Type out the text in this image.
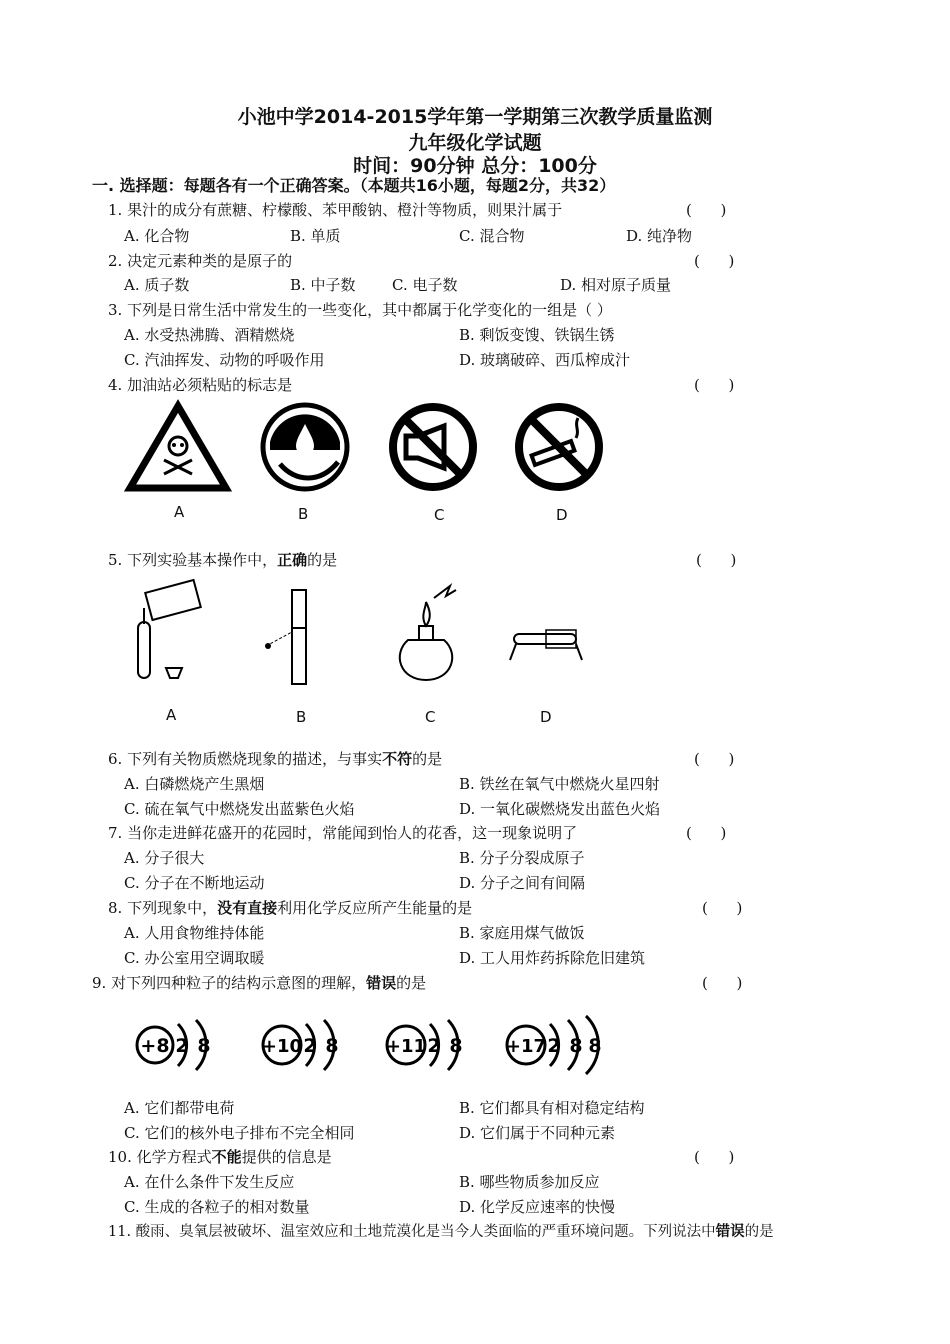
小池中学2014-2015学年第一学期第三次教学质量监测
九年级化学试题
时间：90分钟 总分：100分
一. 选择题：每题各有一个正确答案。（本题共16小题，每题2分，共32）
1. 果汁的成分有蔗糖、柠檬酸、苯甲酸钠、橙汁等物质，则果汁属于	(      )
A. 化合物	B. 单质	C. 混合物	D. 纯净物
2. 决定元素种类的是原子的	(      )
A. 质子数	B. 中子数 C. 电子数	D. 相对原子质量
3. 下列是日常生活中常发生的一些变化，其中都属于化学变化的一组是（ ）
A. 水受热沸腾、酒精燃烧	B. 剩饭变馊、铁锅生锈
C. 汽油挥发、动物的呼吸作用	D. 玻璃破碎、西瓜榨成汁
4. 加油站必须粘贴的标志是	(      )
A	B	C	D
5. 下列实验基本操作中，正确的是	(      )
A	B	C	D
6. 下列有关物质燃烧现象的描述，与事实不符的是	(      )
A. 白磷燃烧产生黑烟	B. 铁丝在氧气中燃烧火星四射
C. 硫在氧气中燃烧发出蓝紫色火焰	D. 一氧化碳燃烧发出蓝色火焰
7. 当你走进鲜花盛开的花园时，常能闻到怡人的花香，这一现象说明了	(      )
A. 分子很大	B. 分子分裂成原子
C. 分子在不断地运动	D. 分子之间有间隔
8. 下列现象中，没有直接利用化学反应所产生能量的是	(      )
A. 人用食物维持体能	B. 家庭用煤气做饭
C. 办公室用空调取暖	D. 工人用炸药拆除危旧建筑
9. 对下列四种粒子的结构示意图的理解，错误的是	(      )
+8 2 8	+10 2 8	+11 2 8 +17 2 8 8
A. 它们都带电荷	B. 它们都具有相对稳定结构
C. 它们的核外电子排布不完全相同	D. 它们属于不同种元素
10. 化学方程式不能提供的信息是	(      )
A. 在什么条件下发生反应	B. 哪些物质参加反应
C. 生成的各粒子的相对数量	D. 化学反应速率的快慢
11. 酸雨、臭氧层被破坏、温室效应和土地荒漠化是当今人类面临的严重环境问题。下列说法中错误的是
